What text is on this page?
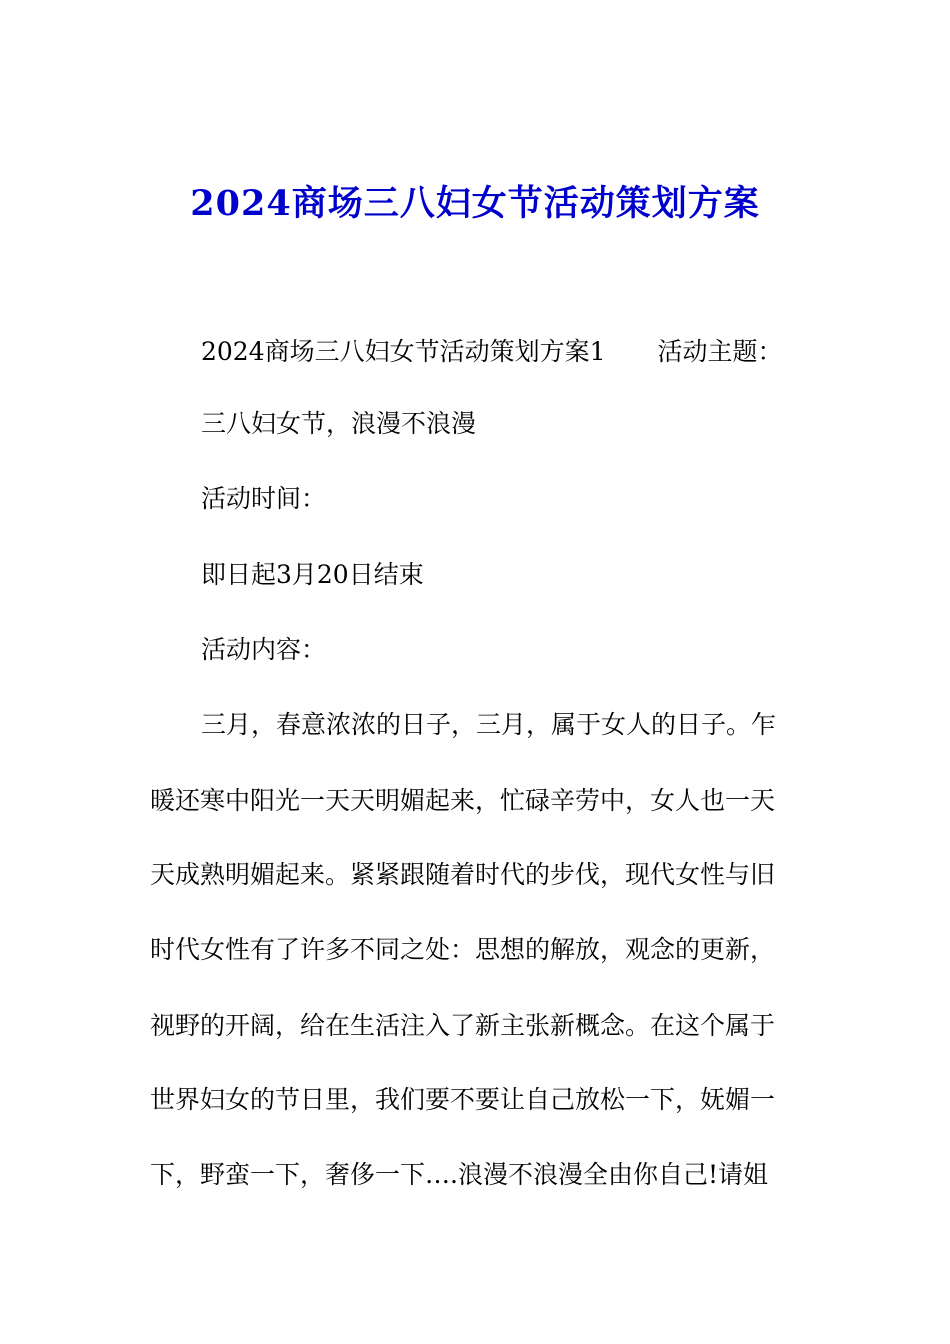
2024商场三八妇女节活动策划方案
2024商场三八妇女节活动策划方案1 活动主题：
三八妇女节，浪漫不浪漫
活动时间：
即日起3月20日结束
活动内容：
三月，春意浓浓的日子，三月，属于女人的日子。乍
暖还寒中阳光一天天明媚起来，忙碌辛劳中，女人也一天
天成熟明媚起来。紧紧跟随着时代的步伐，现代女性与旧
时代女性有了许多不同之处：思想的解放，观念的更新，
视野的开阔，给在生活注入了新主张新概念。在这个属于
世界妇女的节日里，我们要不要让自己放松一下，妩媚一
下，野蛮一下，奢侈一下….浪漫不浪漫全由你自己!请姐
